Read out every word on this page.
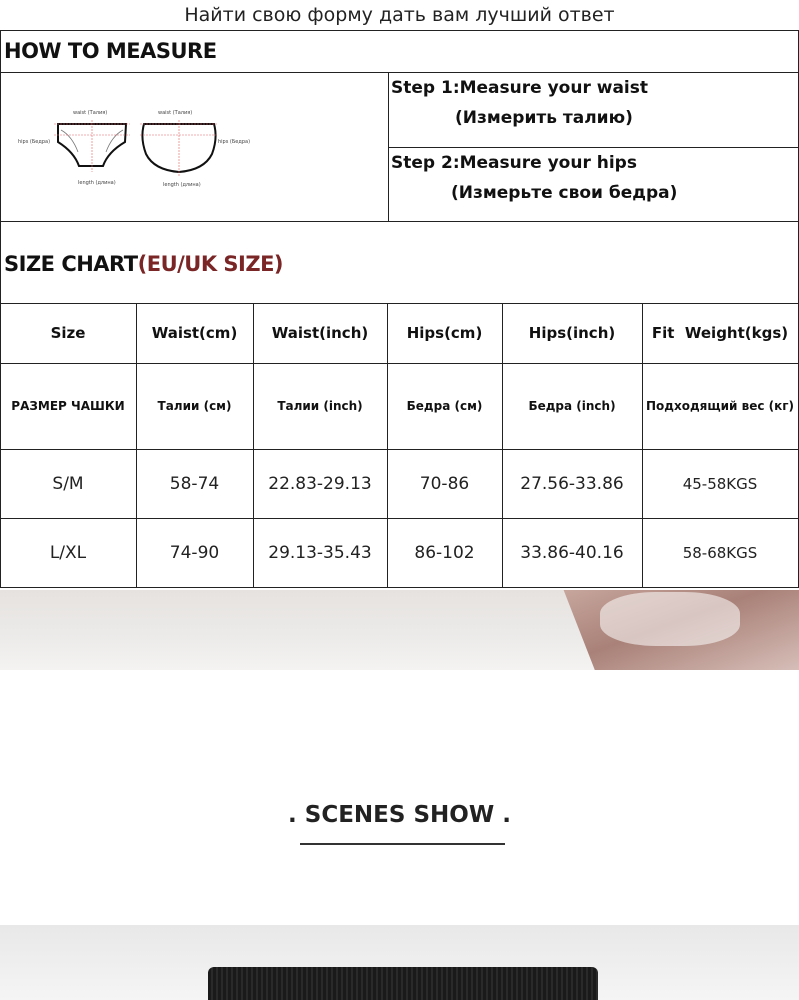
Найти свою форму дать вам лучший ответ
HOW TO MEASURE
waist (Талия)	waist (Талия)
hips (Бедра)	hips (Бедра)
length (длина)	length (длина)
Step 1:Measure your waist
(Измерить талию)
Step 2:Measure your hips
(Измерьте свои бедра)
SIZE CHART(EU/UK SIZE)
Size	Waist(cm)	Waist(inch)	Hips(cm)	Hips(inch)	Fit  Weight(kgs)
РАЗМЕР ЧАШКИ	Талии (см)	Талии (inch)	Бедра (см)	Бедра (inch)	Подходящий вес (кг)
S/M	58-74	22.83-29.13	70-86	27.56-33.86	45-58KGS
L/XL	74-90	29.13-35.43	86-102	33.86-40.16	58-68KGS
. SCENES SHOW .
